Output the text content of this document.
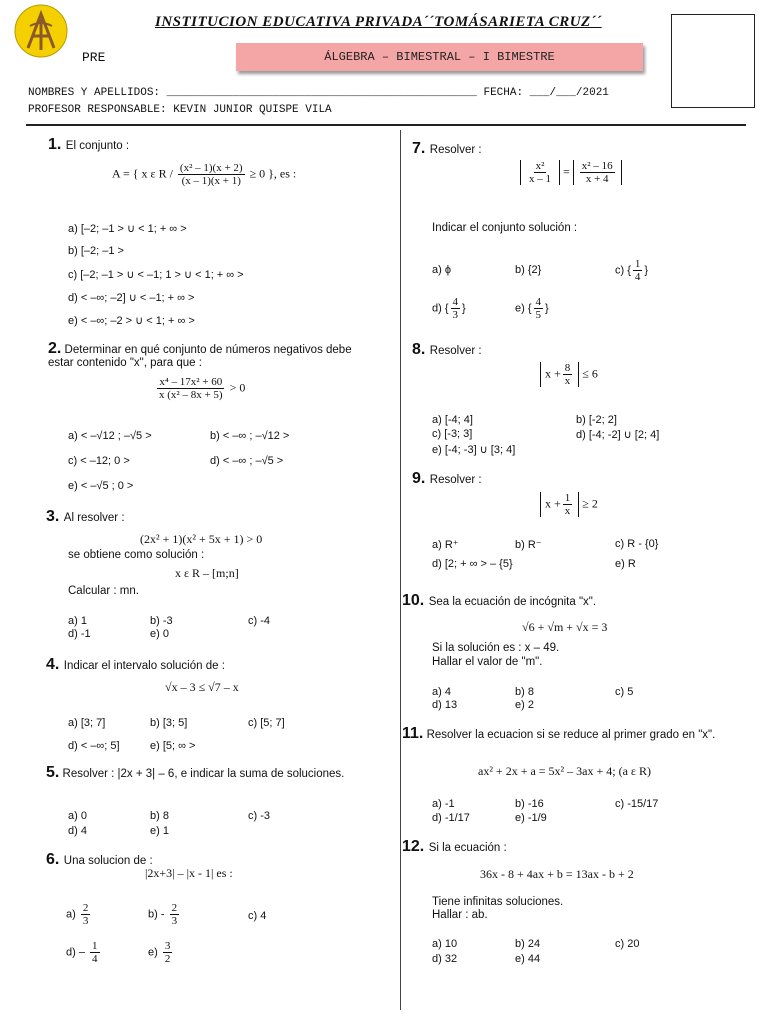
INSTITUCION EDUCATIVA PRIVADA´´TOMÁSARIETA CRUZ´´
PRE	ÁLGEBRA – BIMESTRAL – I BIMESTRE
NOMBRES Y APELLIDOS: _______________________________________________ FECHA: ___/___/2021
PROFESOR RESPONSABLE: KEVIN JUNIOR QUISPE VILA
1. El conjunto :
A = { x ε $R / \frac{\text{(x² – 1)(x + 2)}}{(x - 1)(x + 1)} \ge 0$ }, es :
a) [–2; –1 > ∪ < 1; + ∞ >
b) [–2; –1 >
c) [–2; –1 > ∪ < –1; 1 > ∪ < 1; + ∞ >
d) < –∞; –2] ∪ < –1; + ∞ >
e) < –∞; –2 > ∪ < 1; + ∞ >
2. Determinar en qué conjunto de números negativos debe estar contenido "x", para que :
$\frac{\text{x⁴ – 17x² + 60}}{\text{x (x² – 8x + 5)}} > 0$
a) < –√12 ; –√5 >	b) < –∞ ; –√12 >
c) < –12; 0 >	d) < –∞ ; –√5 >
e) < –√5 ; 0 >
3. Al resolver :
(2x² + 1)(x² + 5x + 1) > 0
se obtiene como solución :
x ε R – [m;n]
Calcular : mn.
a) 1	b) -3	c) -4
d) -1	e) 0
4. Indicar el intervalo solución de :
√x – 3 ≤ √7 – x
a) [3; 7]	b) [3; 5]	c) [5; 7]
d) < –∞; 5]	e) [5; ∞ >
5. Resolver : |2x + 3| – 6, e indicar la suma de soluciones.
a) 0	b) 8	c) -3
d) 4	e) 1
6. Una solucion de :
|2x+3| – |x - 1| es :
$a) \frac{2}{3}$	$b) - \frac{2}{3}$	c) 4
$d) - \frac{1}{4}$	$e) \frac{3}{2}$
7. Resolver :
$\frac{\text{x²}}{x - 1} = \frac{\text{x² – 16}}{x + 4}$
Indicar el conjunto solución :
a) ϕ	b) {2}	c) { $\frac{1}{4}$ }
d) { $\frac{4}{3}$ }	e) { $\frac{4}{5}$ }
8. Resolver :
$x + \frac{8}{x} \le 6$
a) [-4; 4]	b) [-2; 2]
c) [-3; 3]	d) [-4; -2] ∪ [2; 4]
e) [-4; -3] ∪ [3; 4]
9. Resolver :
$x + \frac{1}{x} \ge 2$
a) R⁺	b) R⁻	c) R - {0}
d) [2; + ∞ > – {5}	e) R
10. Sea la ecuación de incógnita "x".
√6 + √m + √x = 3
Si la solución es : x – 49.
Hallar el valor de "m".
a) 4	b) 8	c) 5
d) 13	e) 2
11. Resolver la ecuacion si se reduce al primer grado en "x".
ax² + 2x + a = 5x² – 3ax + 4; (a ε R)
a) -1	b) -16	c) -15/17
d) -1/17	e) -1/9
12. Si la ecuación :
36x - 8 + 4ax + b = 13ax - b + 2
Tiene infinitas soluciones.
Hallar : ab.
a) 10	b) 24	c) 20
d) 32	e) 44
